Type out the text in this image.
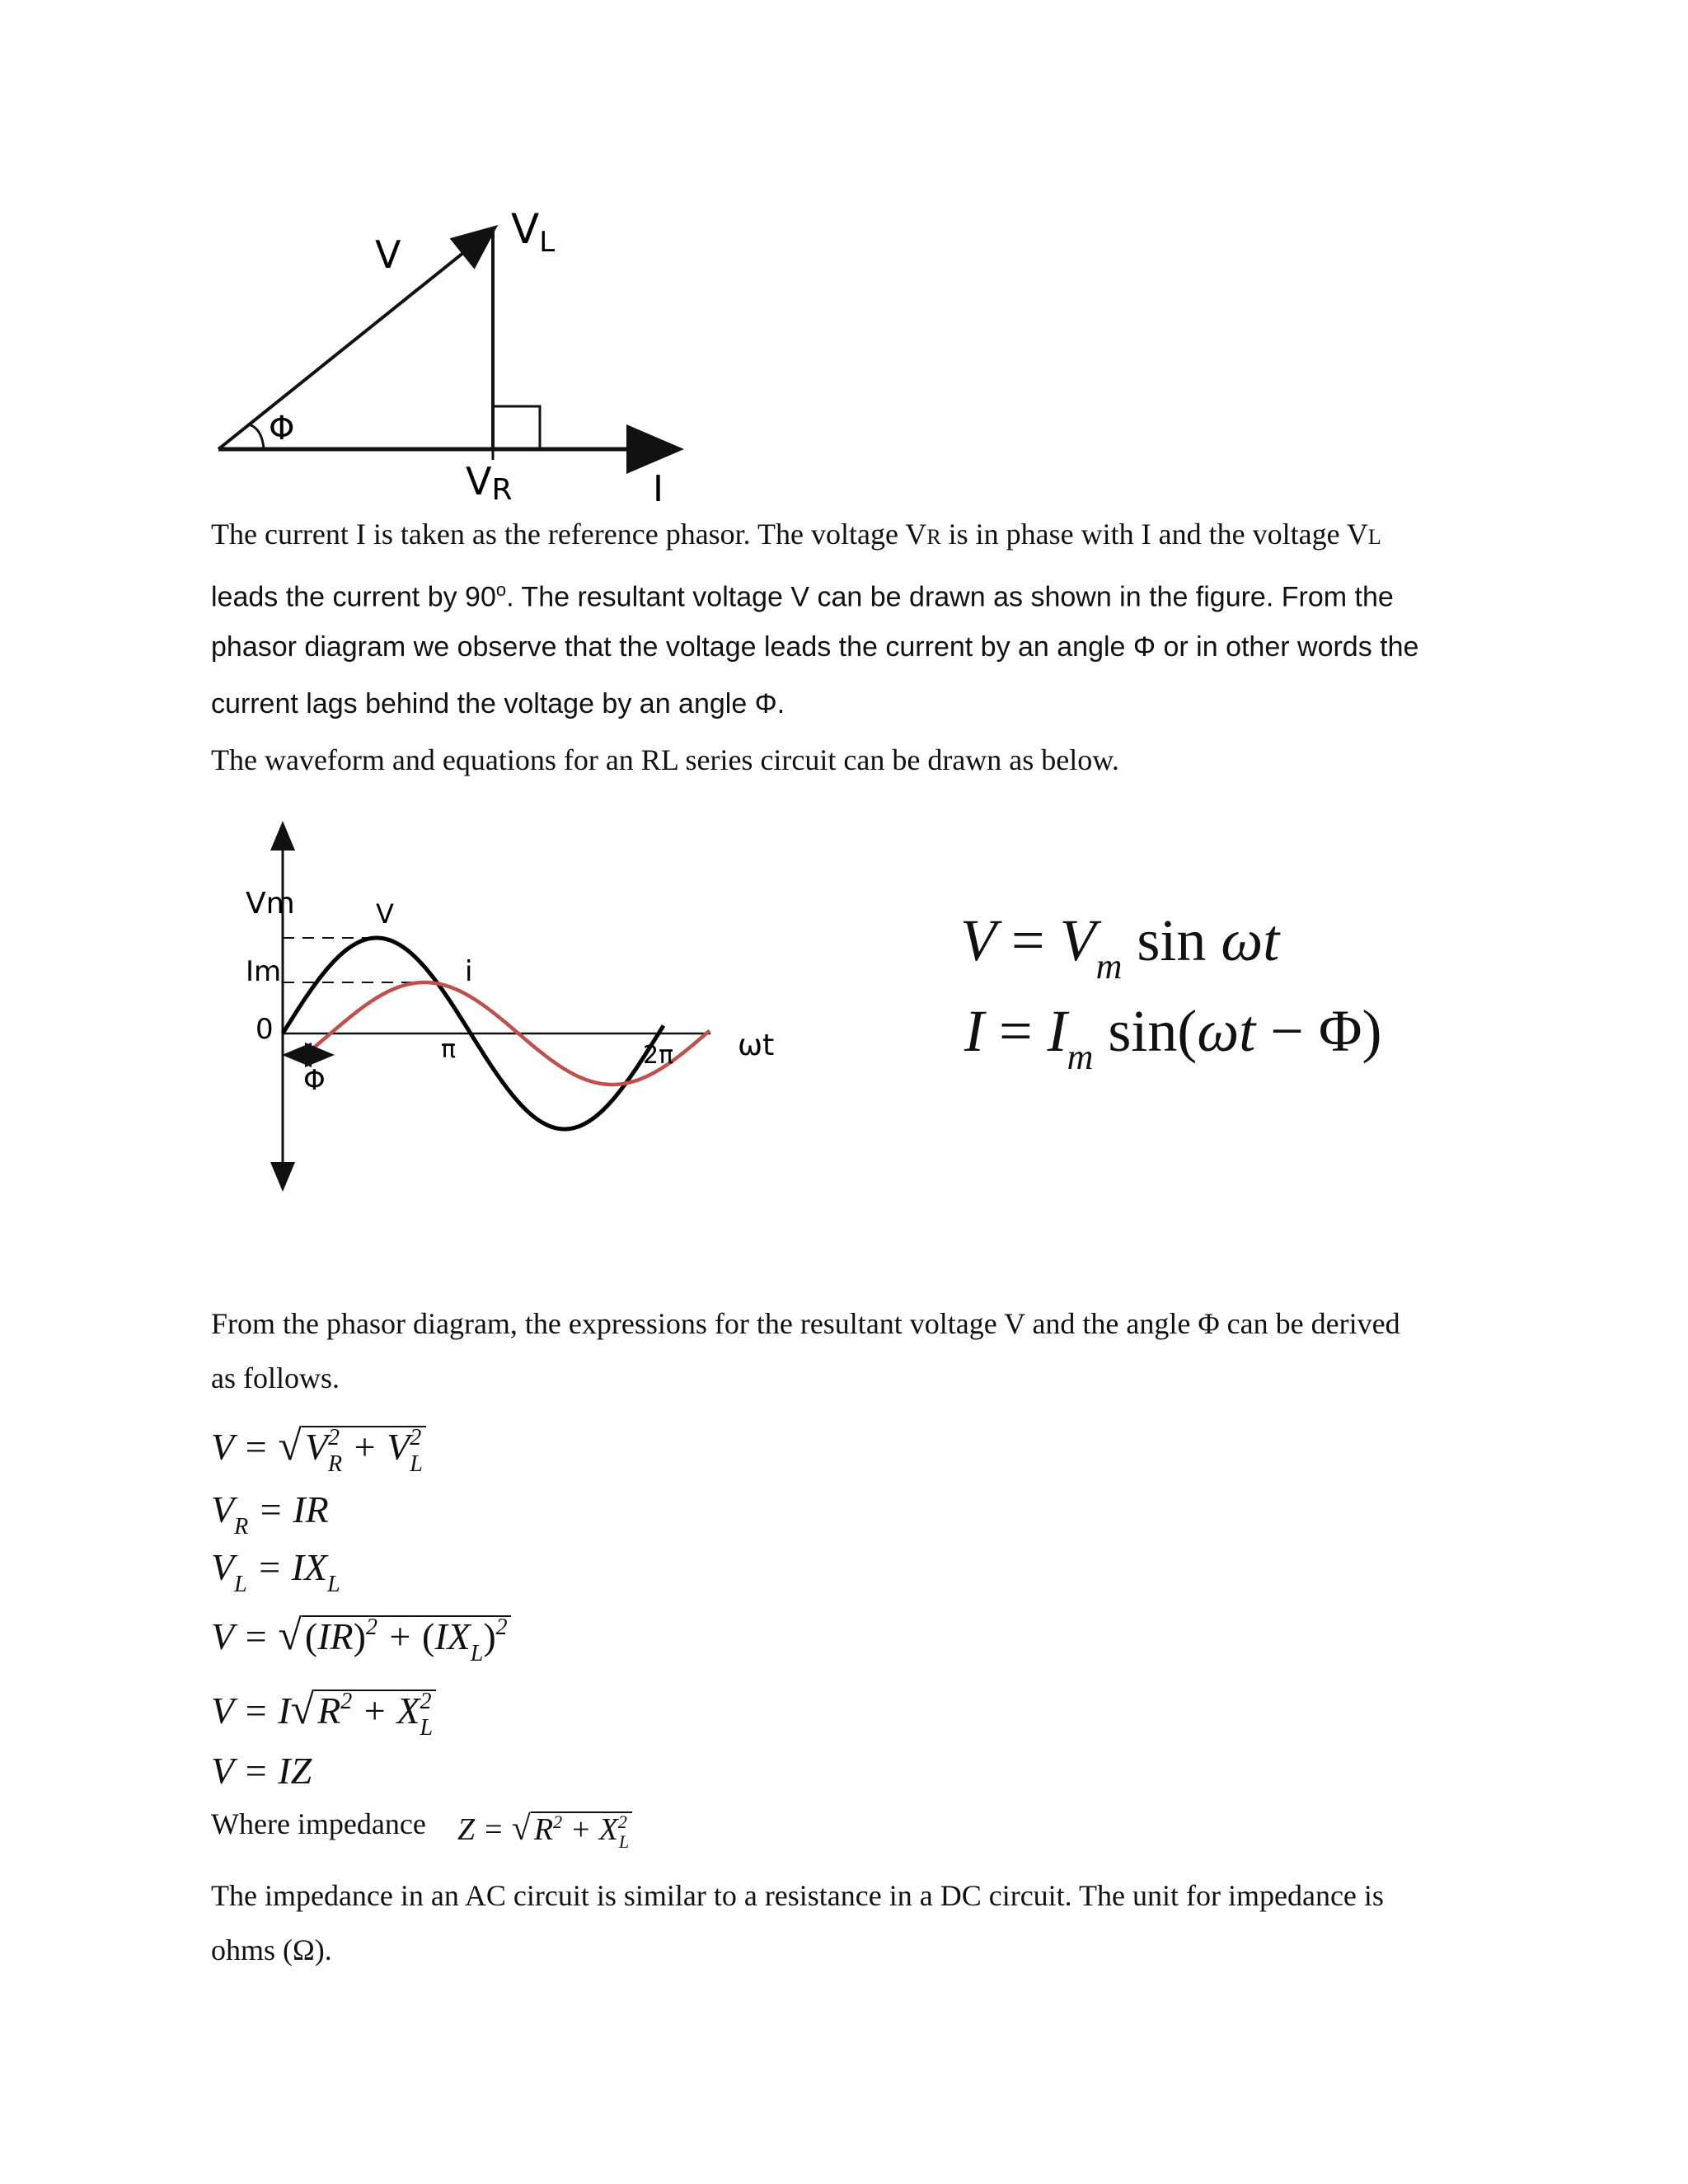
V
$V_L$
Φ
VR	I
The current I is taken as the reference phasor. The voltage VR is in phase with I and the voltage VL
leads the current by 90$^o$. The resultant voltage V can be drawn as shown in the figure. From the
phasor diagram we observe that the voltage leads the current by an angle Φ or in other words the
current lags behind the voltage by an angle Φ.
The waveform and equations for an RL series circuit can be drawn as below.
Vm
Im
0
V
i
π	2π ωt
Φ
$V = V_m$ sin ωt
$I = I_m$ sin(ωt − Φ)
From the phasor diagram, the expressions for the resultant voltage V and the angle Φ can be derived
as follows.
$V = √V^2_R + V^2_L$
$V_R$ = IR
$V_L = IX_L$
$V = √(IR)^2 + (IX_L)^2$
$V = I√R^2 + X^2_L$
V = IZ
Where impedance Z = √ $R^2 + X^2_L$
The impedance in an AC circuit is similar to a resistance in a DC circuit. The unit for impedance is
ohms (Ω).
